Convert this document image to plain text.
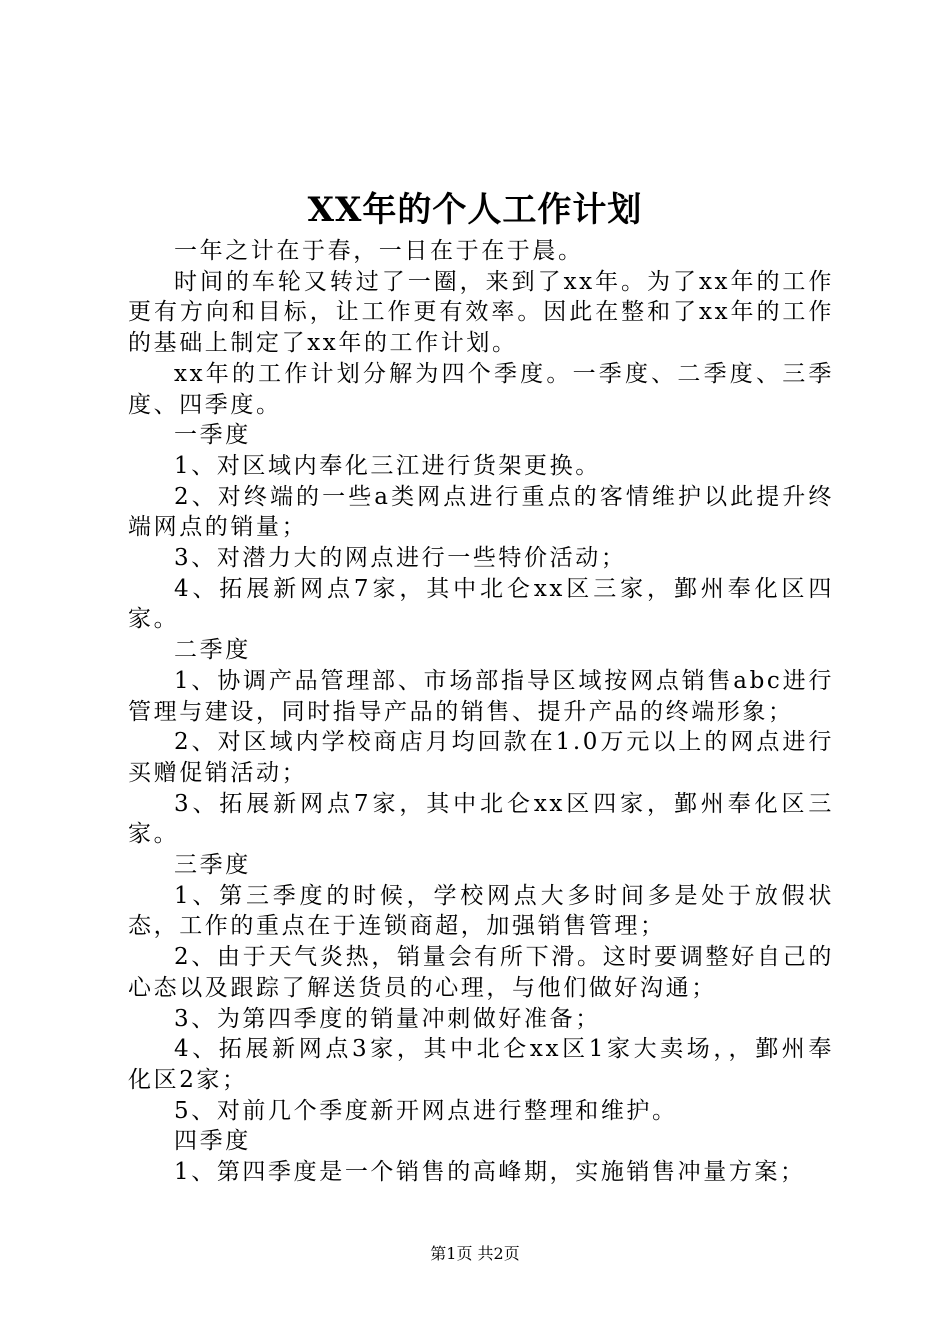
XX年的个人工作计划

一年之计在于春，一日在于在于晨。

时间的车轮又转过了一圈，来到了xx年。为了xx年的工作更有方向和目标，让工作更有效率。因此在整和了xx年的工作的基础上制定了xx年的工作计划。

xx年的工作计划分解为四个季度。一季度、二季度、三季度、四季度。

一季度

1、对区域内奉化三江进行货架更换。

2、对终端的一些a类网点进行重点的客情维护以此提升终端网点的销量；

3、对潜力大的网点进行一些特价活动；

4、拓展新网点7家，其中北仑xx区三家，鄞州奉化区四家。

二季度

1、协调产品管理部、市场部指导区域按网点销售abc进行管理与建设，同时指导产品的销售、提升产品的终端形象；

2、对区域内学校商店月均回款在1.0万元以上的网点进行买赠促销活动；

3、拓展新网点7家，其中北仑xx区四家，鄞州奉化区三家。

三季度

1、第三季度的时候，学校网点大多时间多是处于放假状态，工作的重点在于连锁商超，加强销售管理；

2、由于天气炎热，销量会有所下滑。这时要调整好自己的心态以及跟踪了解送货员的心理，与他们做好沟通；

3、为第四季度的销量冲刺做好准备；

4、拓展新网点3家，其中北仑xx区1家大卖场，，鄞州奉化区2家；

5、对前几个季度新开网点进行整理和维护。

四季度

1、第四季度是一个销售的高峰期，实施销售冲量方案；

第1页 共2页
